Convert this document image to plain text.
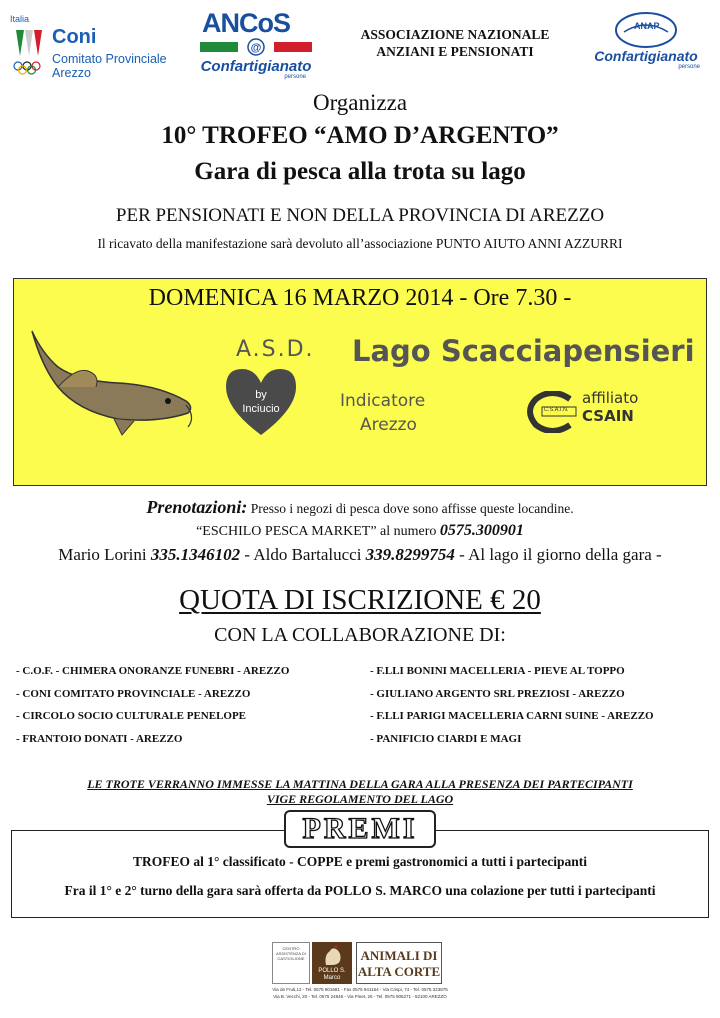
Italia
Coni
Comitato Provinciale
Arezzo
ANCoS
@
Confartigianato
persone
ASSOCIAZIONE NAZIONALE
ANZIANI E PENSIONATI
ANAP
Confartigianato
persone
Organizza
10° TROFEO “AMO D’ARGENTO”
Gara di pesca alla trota su lago
PER PENSIONATI E NON DELLA PROVINCIA DI AREZZO
Il ricavato della manifestazione sarà devoluto all’associazione PUNTO AIUTO ANNI AZZURRI
DOMENICA 16 MARZO 2014 - Ore 7.30 -
A.S.D. Lago Scacciapensieri
by
Inciucio	Indicatore
Arezzo
C.S.A.I.N.
affiliato
CSAIN
Prenotazioni: Presso i negozi di pesca dove sono affisse queste locandine.
“ESCHILO PESCA MARKET” al numero 0575.300901
Mario Lorini 335.1346102 - Aldo Bartalucci 339.8299754 - Al lago il giorno della gara -
QUOTA DI ISCRIZIONE € 20
CON LA COLLABORAZIONE DI:
- C.O.F. - CHIMERA ONORANZE FUNEBRI - AREZZO
- CONI COMITATO PROVINCIALE - AREZZO
- CIRCOLO SOCIO CULTURALE PENELOPE
- FRANTOIO DONATI - AREZZO
- F.LLI BONINI MACELLERIA - PIEVE AL TOPPO
- GIULIANO ARGENTO SRL PREZIOSI - AREZZO
- F.LLI PARIGI MACELLERIA CARNI SUINE - AREZZO
- PANIFICIO CIARDI E MAGI
LE TROTE VERRANNO IMMESSE LA MATTINA DELLA GARA ALLA PRESENZA DEI PARTECIPANTI
VIGE REGOLAMENTO DEL LAGO
PREMI
TROFEO al 1° classificato - COPPE e premi gastronomici a tutti i partecipanti
Fra il 1° e 2° turno della gara sarà offerta da POLLO S. MARCO una colazione per tutti i partecipanti
CENTRO ASSISTENZA DI CASTIGLIONE
POLLO S. Marco
ANIMALI DI
ALTA CORTE
Via de Fruti,12 - Tel. 0575 901681 - Fax 0575 941164 - Via Crispi, 74 - Tel. 0575 323875
Via B. Vecchi, 20 - Tel. 0575 24846 - Via Pinet, 26 - Tel. 0575 906271 - 52100 AREZZO
